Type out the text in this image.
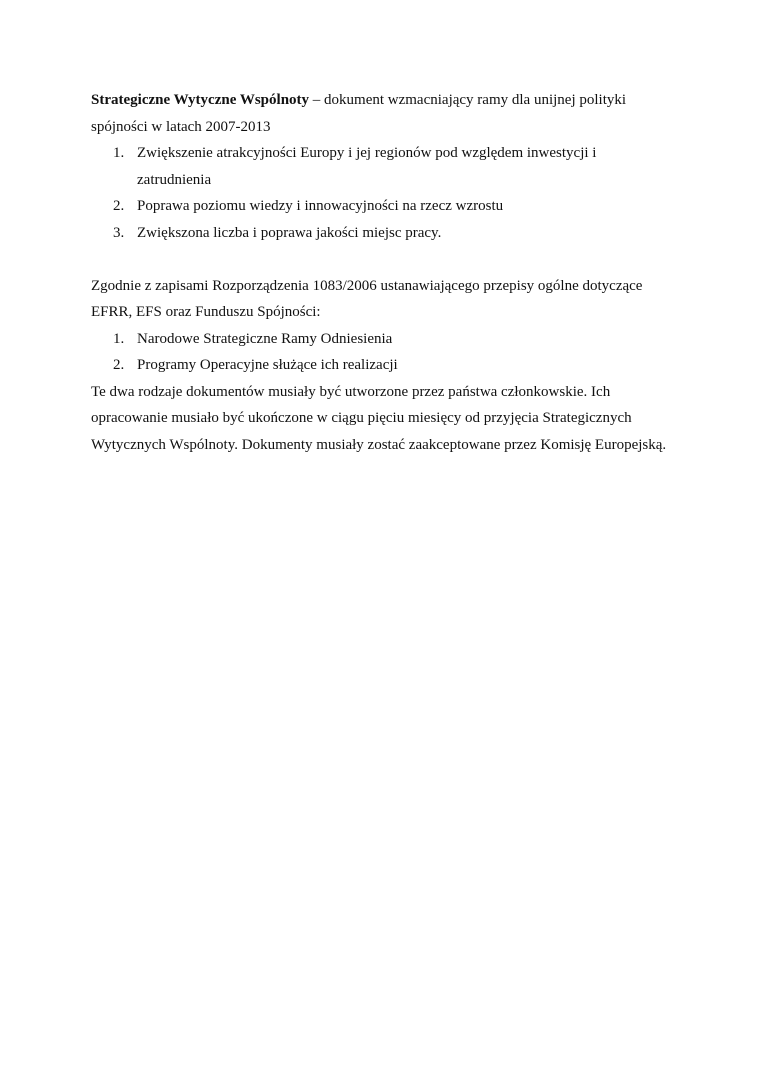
Strategiczne Wytyczne Wspólnoty – dokument wzmacniający ramy dla unijnej polityki spójności w latach 2007-2013

1. Zwiększenie atrakcyjności Europy i jej regionów pod względem inwestycji i zatrudnienia
2. Poprawa poziomu wiedzy i innowacyjności na rzecz wzrostu
3. Zwiększona liczba i poprawa jakości miejsc pracy.

Zgodnie z zapisami Rozporządzenia 1083/2006 ustanawiającego przepisy ogólne dotyczące EFRR, EFS oraz Funduszu Spójności:

1. Narodowe Strategiczne Ramy Odniesienia
2. Programy Operacyjne służące ich realizacji

Te dwa rodzaje dokumentów musiały być utworzone przez państwa członkowskie. Ich opracowanie musiało być ukończone w ciągu pięciu miesięcy od przyjęcia Strategicznych Wytycznych Wspólnoty. Dokumenty musiały zostać zaakceptowane przez Komisję Europejską.
